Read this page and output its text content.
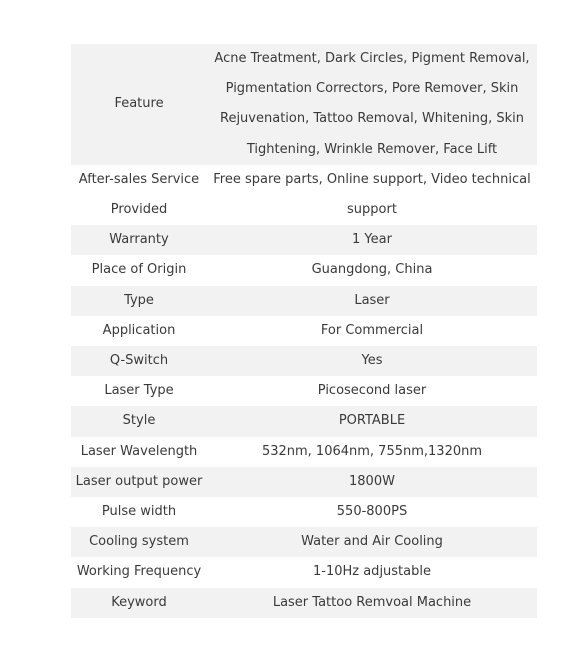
Feature	Acne Treatment, Dark Circles, Pigment Removal, Pigmentation Correctors, Pore Remover, Skin Rejuvenation, Tattoo Removal, Whitening, Skin Tightening, Wrinkle Remover, Face Lift
After-sales Service Provided	Free spare parts, Online support, Video technical support
Warranty	1 Year
Place of Origin	Guangdong, China
Type	Laser
Application	For Commercial
Q-Switch	Yes
Laser Type	Picosecond laser
Style	PORTABLE
Laser Wavelength	532nm, 1064nm, 755nm,1320nm
Laser output power	1800W
Pulse width	550-800PS
Cooling system	Water and Air Cooling
Working Frequency	1-10Hz adjustable
Keyword	Laser Tattoo Remvoal Machine
